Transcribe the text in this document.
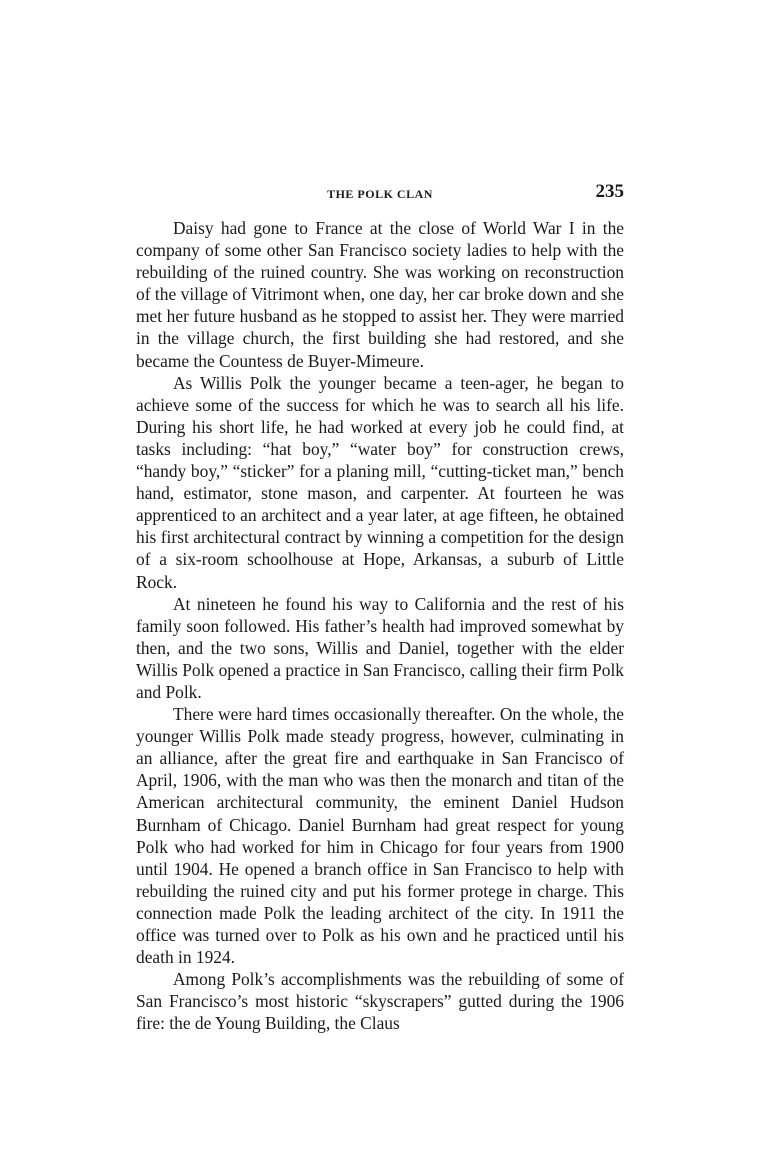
THE POLK CLAN	235

Daisy had gone to France at the close of World War I in the company of some other San Francisco society ladies to help with the rebuilding of the ruined country. She was working on reconstruction of the village of Vitrimont when, one day, her car broke down and she met her future husband as he stopped to assist her. They were married in the village church, the first building she had restored, and she became the Countess de Buyer-Mimeure.

As Willis Polk the younger became a teen-ager, he began to achieve some of the success for which he was to search all his life. During his short life, he had worked at every job he could find, at tasks including: “hat boy,” “water boy” for construction crews, “handy boy,” “sticker” for a planing mill, “cutting-ticket man,” bench hand, estimator, stone mason, and carpenter. At fourteen he was apprenticed to an architect and a year later, at age fifteen, he obtained his first architectural contract by winning a competition for the design of a six-room schoolhouse at Hope, Arkansas, a suburb of Little Rock.

At nineteen he found his way to California and the rest of his family soon followed. His father’s health had improved somewhat by then, and the two sons, Willis and Daniel, together with the elder Willis Polk opened a practice in San Francisco, calling their firm Polk and Polk.

There were hard times occasionally thereafter. On the whole, the younger Willis Polk made steady progress, however, culminating in an alliance, after the great fire and earthquake in San Francisco of April, 1906, with the man who was then the monarch and titan of the American architectural community, the eminent Daniel Hudson Burnham of Chicago. Daniel Burnham had great respect for young Polk who had worked for him in Chicago for four years from 1900 until 1904. He opened a branch office in San Francisco to help with rebuilding the ruined city and put his former protege in charge. This connection made Polk the leading architect of the city. In 1911 the office was turned over to Polk as his own and he practiced until his death in 1924.

Among Polk’s accomplishments was the rebuilding of some of San Francisco’s most historic “skyscrapers” gutted during the 1906 fire: the de Young Building, the Claus
